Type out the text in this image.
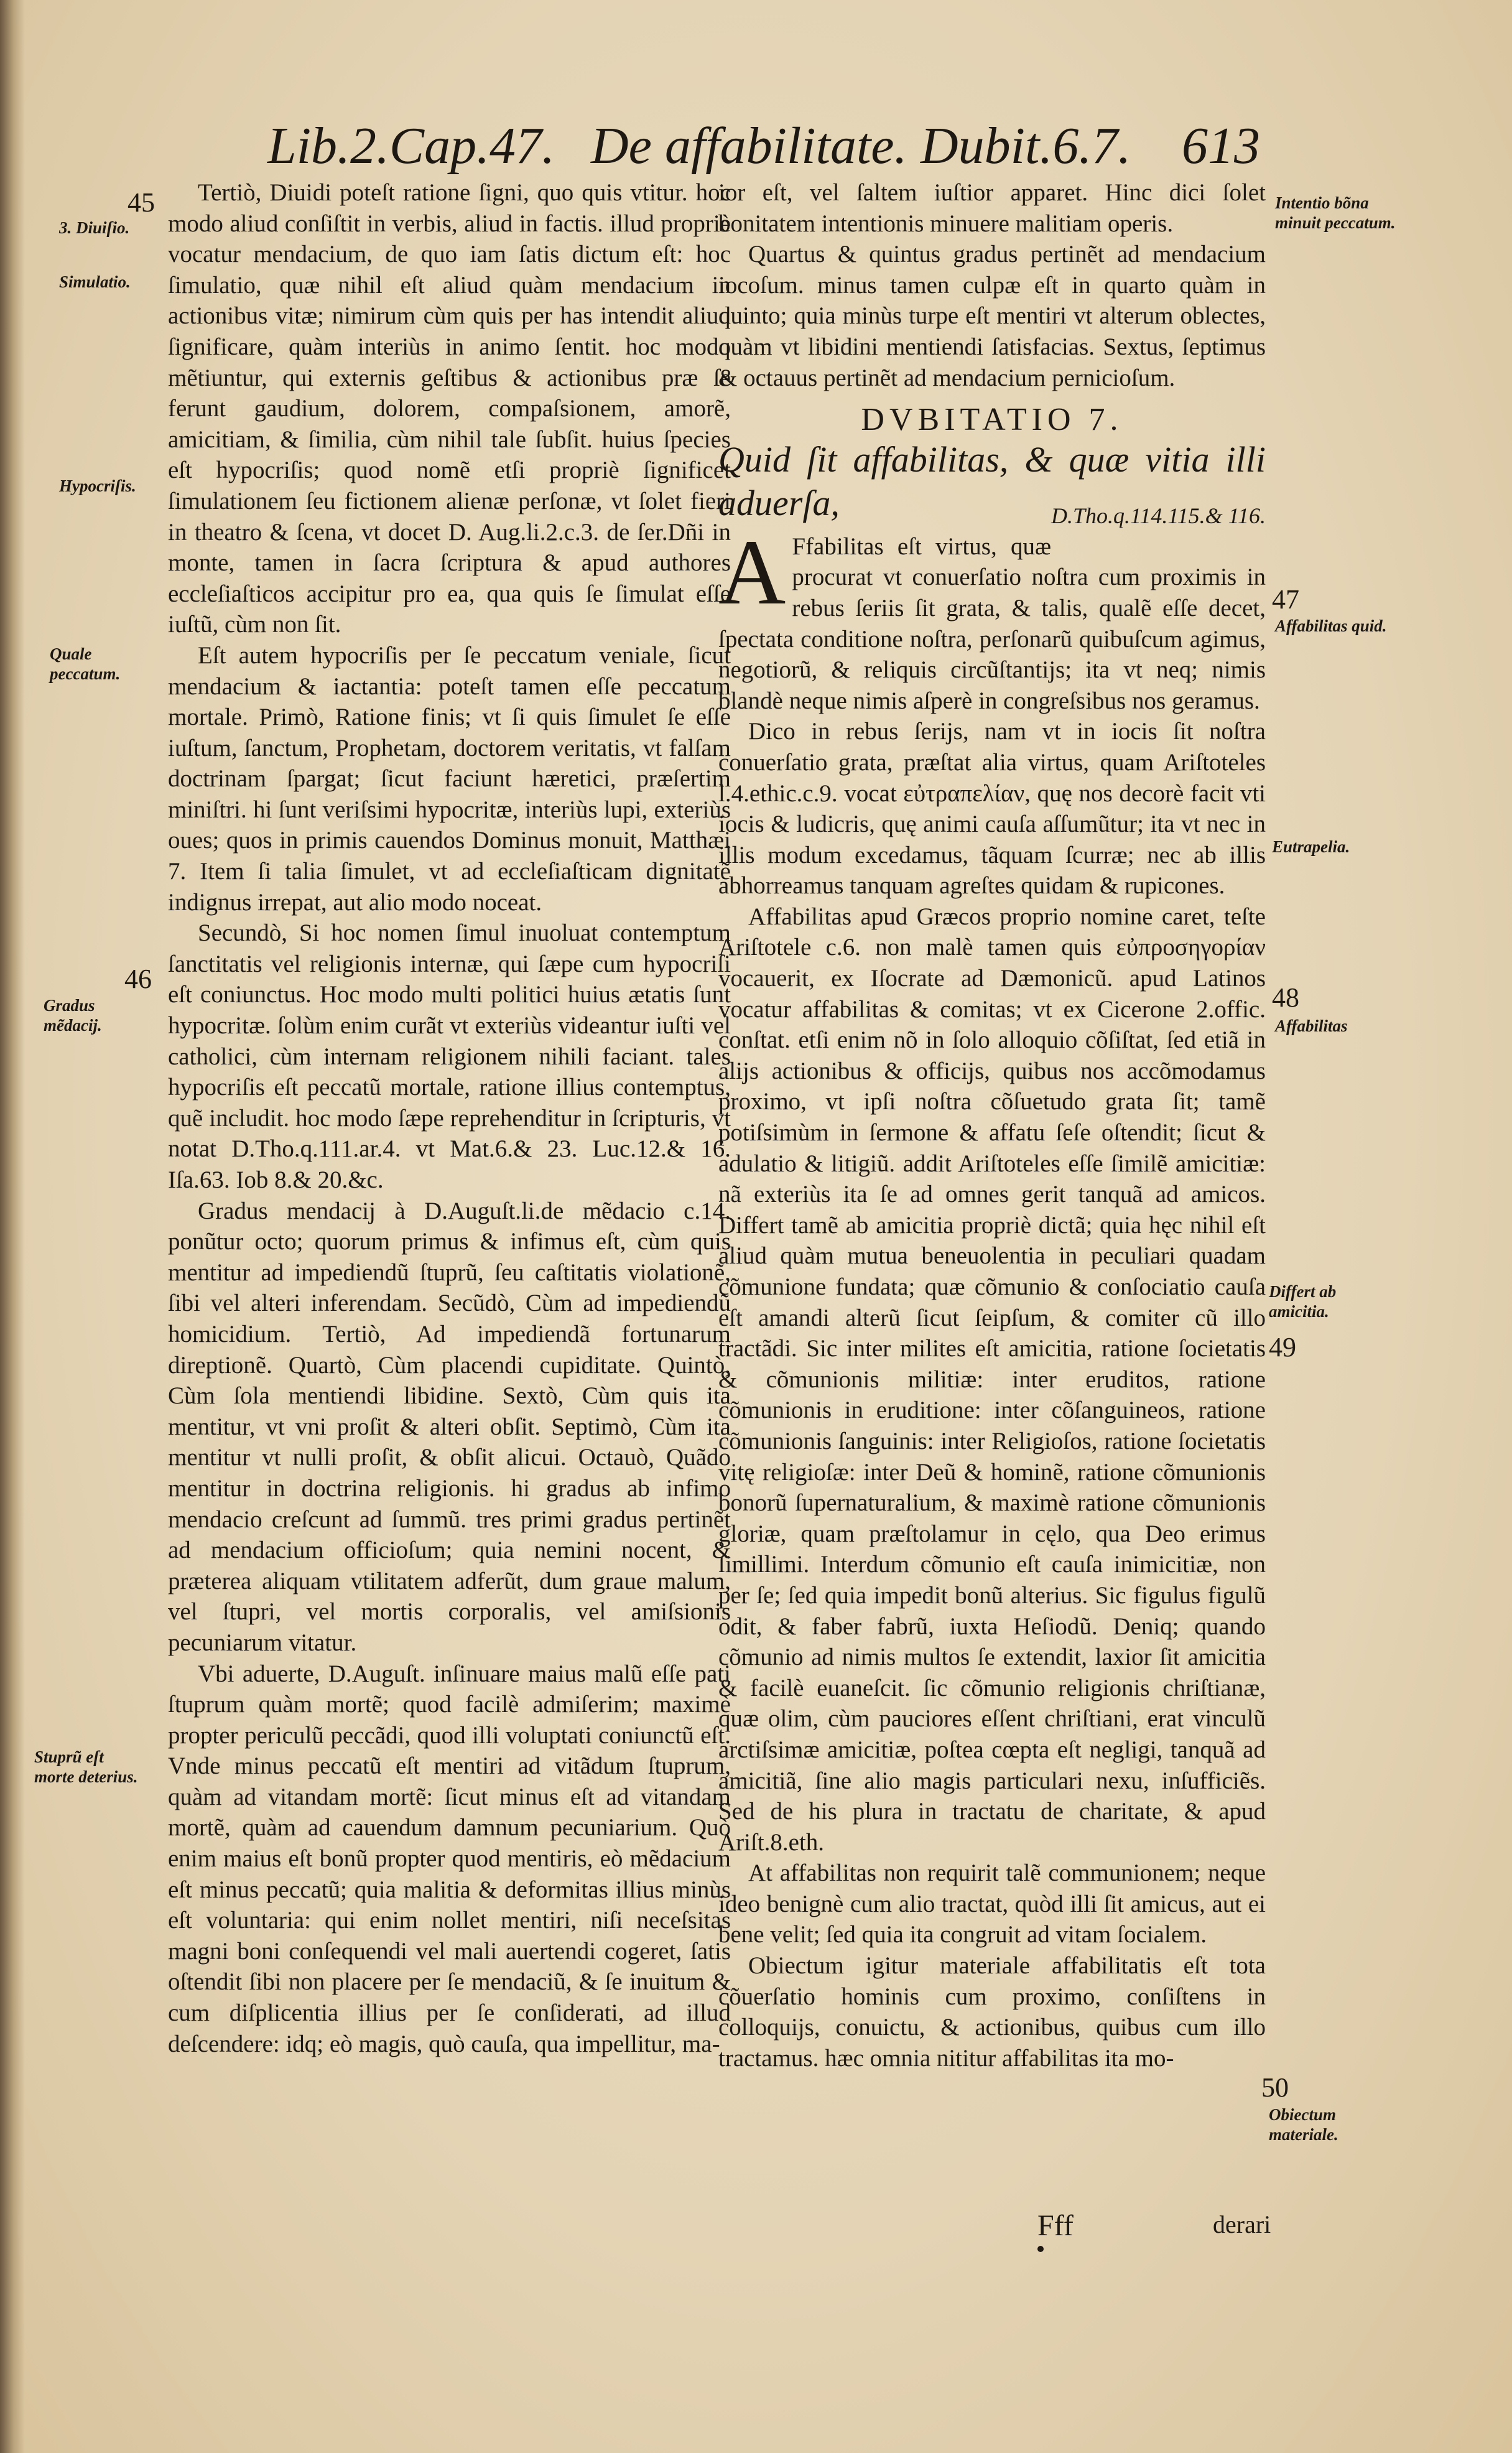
Lib.2.Cap.47. De affabilitate. Dubit.6.7. 613
45
3. Diuiſio.
Simulatio.
Hypocriſis.
Quale peccatum.
46
Gradus mẽdacij.
Stuprũ eſt morte deterius.
Intentio bõna minuit peccatum.
47
Affabilitas quid.
Eutrapelia.
48
Affabilitas
Differt ab amicitia.
49
50
Obiectum materiale.

Tertiò, Diuidi poteſt ratione ſigni, quo quis vtitur. hoc modo aliud conſiſtit in verbis, aliud in factis. illud propriè vocatur mendacium, de quo iam ſatis dictum eſt: hoc ſimulatio, quæ nihil eſt aliud quàm mendacium in actionibus vitæ; nimirum cùm quis per has intendit aliud ſignificare, quàm interiùs in animo ſentit. hoc modo mẽtiuntur, qui externis geſtibus & actionibus præ ſe ferunt gaudium, dolorem, compaſsionem, amorẽ, amicitiam, & ſimilia, cùm nihil tale ſubſit. huius ſpecies eſt hypocriſis; quod nomẽ etſi propriè ſignificet ſimulationem ſeu fictionem alienæ perſonæ, vt ſolet fieri in theatro & ſcena, vt docet D. Aug.li.2.c.3. de ſer.Dñi in monte, tamen in ſacra ſcriptura & apud authores eccleſiaſticos accipitur pro ea, qua quis ſe ſimulat eſſe iuſtũ, cùm non ſit.

Eſt autem hypocriſis per ſe peccatum veniale, ſicut mendacium & iactantia: poteſt tamen eſſe peccatum mortale. Primò, Ratione finis; vt ſi quis ſimulet ſe eſſe iuſtum, ſanctum, Prophetam, doctorem veritatis, vt falſam doctrinam ſpargat; ſicut faciunt hæretici, præſertim miniſtri. hi ſunt veriſsimi hypocritæ, interiùs lupi, exteriùs oues; quos in primis cauendos Dominus monuit, Matthæi 7. Item ſi talia ſimulet, vt ad eccleſiaſticam dignitatẽ indignus irrepat, aut alio modo noceat.

Secundò, Si hoc nomen ſimul inuoluat contemptum ſanctitatis vel religionis internæ, qui ſæpe cum hypocriſi eſt coniunctus. Hoc modo multi politici huius ætatis ſunt hypocritæ. ſolùm enim curãt vt exteriùs videantur iuſti vel catholici, cùm internam religionem nihili faciant. tales hypocriſis eſt peccatũ mortale, ratione illius contemptus, quẽ includit. hoc modo ſæpe reprehenditur in ſcripturis, vt notat D.Tho.q.111.ar.4. vt Mat.6.& 23. Luc.12.& 16. Iſa.63. Iob 8.& 20.&c.

Gradus mendacij à D.Auguſt.li.de mẽdacio c.14. ponũtur octo; quorum primus & infimus eſt, cùm quis mentitur ad impediendũ ſtuprũ, ſeu caſtitatis violationẽ, ſibi vel alteri inferendam. Secũdò, Cùm ad impediendũ homicidium. Tertiò, Ad impediendã fortunarum direptionẽ. Quartò, Cùm placendi cupiditate. Quintò, Cùm ſola mentiendi libidine. Sextò, Cùm quis ita mentitur, vt vni proſit & alteri obſit. Septimò, Cùm ita mentitur vt nulli proſit, & obſit alicui. Octauò, Quãdo mentitur in doctrina religionis. hi gradus ab infimo mendacio creſcunt ad ſummũ. tres primi gradus pertinẽt ad mendacium officioſum; quia nemini nocent, & præterea aliquam vtilitatem adferũt, dum graue malum, vel ſtupri, vel mortis corporalis, vel amiſsionis pecuniarum vitatur.

Vbi aduerte, D.Auguſt. inſinuare maius malũ eſſe pati ſtuprum quàm mortẽ; quod facilè admiſerim; maximè propter periculũ peccãdi, quod illi voluptati coniunctũ eſt. Vnde minus peccatũ eſt mentiri ad vitãdum ſtuprum, quàm ad vitandam mortẽ: ſicut minus eſt ad vitandam mortẽ, quàm ad cauendum damnum pecuniarium. Quò enim maius eſt bonũ propter quod mentiris, eò mẽdacium eſt minus peccatũ; quia malitia & deformitas illius minùs eſt voluntaria: qui enim nollet mentiri, niſi neceſsitas magni boni conſequendi vel mali auertendi cogeret, ſatis oſtendit ſibi non placere per ſe mendaciũ, & ſe inuitum & cum diſplicentia illius per ſe conſiderati, ad illud deſcendere: idq; eò magis, quò cauſa, qua impellitur, ma-

ior eſt, vel ſaltem iuſtior apparet. Hinc dici ſolet bonitatem intentionis minuere malitiam operis.

Quartus & quintus gradus pertinẽt ad mendacium iocoſum. minus tamen culpæ eſt in quarto quàm in quinto; quia minùs turpe eſt mentiri vt alterum oblectes, quàm vt libidini mentiendi ſatisfacias. Sextus, ſeptimus & octauus pertinẽt ad mendacium pernicioſum.

DVBITATIO 7.
Quid ſit affabilitas, & quæ vitia illi aduerſa,	D.Tho.q.114.115.& 116.

A Ffabilitas eſt virtus, quæ procurat vt conuerſatio noſtra cum proximis in rebus ſeriis ſit grata, & talis, qualẽ eſſe decet, ſpectata conditione noſtra, perſonarũ quibuſcum agimus, negotiorũ, & reliquis circũſtantijs; ita vt neq; nimis blandè neque nimis aſperè in congreſsibus nos geramus.

Dico in rebus ſerijs, nam vt in iocis ſit noſtra conuerſatio grata, præſtat alia virtus, quam Ariſtoteles l.4.ethic.c.9. vocat εὐτραπελίαν, quę nos decorè facit vti iocis & ludicris, quę animi cauſa aſſumũtur; ita vt nec in illis modum excedamus, tãquam ſcurræ; nec ab illis abhorreamus tanquam agreſtes quidam & rupicones.

Affabilitas apud Græcos proprio nomine caret, teſte Ariſtotele c.6. non malè tamen quis εὐπροσηγορίαν vocauerit, ex Iſocrate ad Dæmonicũ. apud Latinos vocatur affabilitas & comitas; vt ex Cicerone 2.offic. conſtat. etſi enim nõ in ſolo alloquio cõſiſtat, ſed etiã in alijs actionibus & officijs, quibus nos accõmodamus proximo, vt ipſi noſtra cõſuetudo grata ſit; tamẽ potiſsimùm in ſermone & affatu ſeſe oſtendit; ſicut & adulatio & litigiũ. addit Ariſtoteles eſſe ſimilẽ amicitiæ: nã exteriùs ita ſe ad omnes gerit tanquã ad amicos. Differt tamẽ ab amicitia propriè dictã; quia hęc nihil eſt aliud quàm mutua beneuolentia in peculiari quadam cõmunione fundata; quæ cõmunio & conſociatio cauſa eſt amandi alterũ ſicut ſeipſum, & comiter cũ illo tractãdi. Sic inter milites eſt amicitia, ratione ſocietatis & cõmunionis militiæ: inter eruditos, ratione cõmunionis in eruditione: inter cõſanguineos, ratione cõmunionis ſanguinis: inter Religioſos, ratione ſocietatis vitę religioſæ: inter Deũ & hominẽ, ratione cõmunionis bonorũ ſupernaturalium, & maximè ratione cõmunionis gloriæ, quam præſtolamur in cęlo, qua Deo erimus ſimillimi. Interdum cõmunio eſt cauſa inimicitiæ, non per ſe; ſed quia impedit bonũ alterius. Sic figulus figulũ odit, & faber fabrũ, iuxta Heſiodũ. Deniq; quando cõmunio ad nimis multos ſe extendit, laxior ſit amicitia & facilè euaneſcit. ſic cõmunio religionis chriſtianæ, quæ olim, cùm pauciores eſſent chriſtiani, erat vinculũ arctiſsimæ amicitiæ, poſtea cœpta eſt negligi, tanquã ad amicitiã, ſine alio magis particulari nexu, inſufficiẽs. Sed de his plura in tractatu de charitate, & apud Ariſt.8.eth.

At affabilitas non requirit talẽ communionem; neque ideo benignè cum alio tractat, quòd illi ſit amicus, aut ei bene velit; ſed quia ita congruit ad vitam ſocialem.

Obiectum igitur materiale affabilitatis eſt tota cõuerſatio hominis cum proximo, conſiſtens in colloquijs, conuictu, & actionibus, quibus cum illo tractamus. hæc omnia nititur affabilitas ita mo-

Fff	derari
